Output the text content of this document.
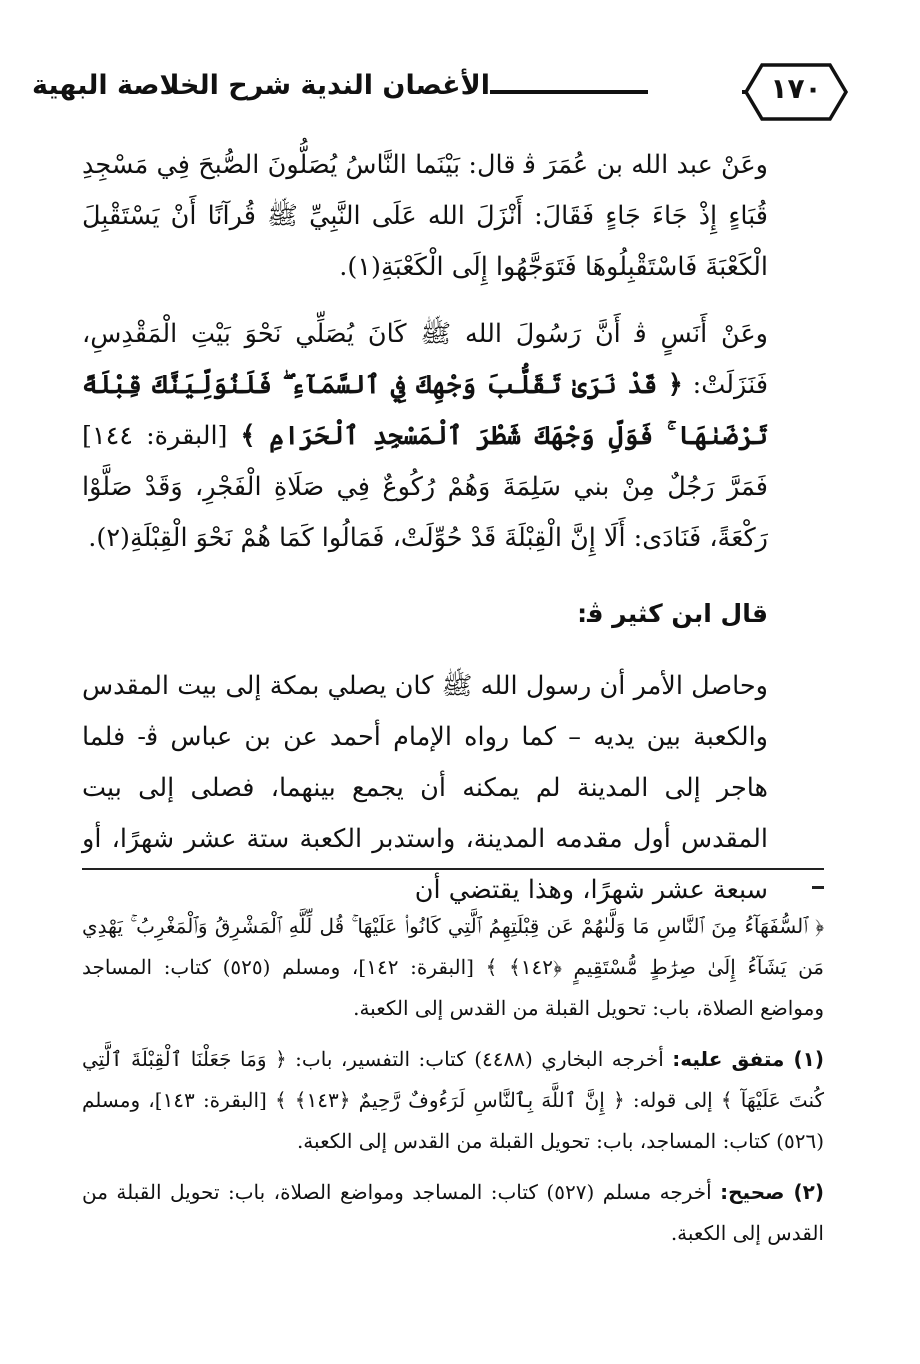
الأغصان الندية شرح الخلاصة البهية	١٧٠

وعَنْ عبد الله بن عُمَرَ ﭬ قال: بَيْنَما النَّاسُ يُصَلُّونَ الصُّبحَ فِي مَسْجِدِ قُبَاءٍ إِذْ جَاءَ جَاءٍ فَقَالَ: أَنْزَلَ الله عَلَى النَّبِيِّ ﷺ قُرآنًا أَنْ يَسْتَقْبِلَ الْكَعْبَةَ فَاسْتَقْبِلُوهَا فَتَوَجَّهُوا إِلَى الْكَعْبَةِ(١).

وعَنْ أَنَسٍ ﭬ أَنَّ رَسُولَ الله ﷺ كَانَ يُصَلِّي نَحْوَ بَيْتِ الْمَقْدِسِ، فَنَزَلَتْ: ﴿ قَدْ نَرَىٰ تَقَلُّبَ وَجْهِكَ فِي ٱلسَّمَآءِ ۖ فَلَنُوَلِّيَنَّكَ قِبْلَةً تَرْضَىٰهَا ۚ فَوَلِّ وَجْهَكَ شَطْرَ ٱلْمَسْجِدِ ٱلْحَرَامِ ﴾ [البقرة: ١٤٤] فَمَرَّ رَجُلٌ مِنْ بني سَلِمَةَ وَهُمْ رُكُوعٌ فِي صَلَاةِ الْفَجْرِ، وَقَدْ صَلَّوْا رَكْعَةً، فَنَادَى: أَلَا إِنَّ الْقِبْلَةَ قَدْ حُوِّلَتْ، فَمَالُوا كَمَا هُمْ نَحْوَ الْقِبْلَةِ(٢).

قال ابن كثير ﭬ:

وحاصل الأمر أن رسول الله ﷺ كان يصلي بمكة إلى بيت المقدس والكعبة بين يديه – كما رواه الإمام أحمد عن بن عباس ﭬ- فلما هاجر إلى المدينة لم يمكنه أن يجمع بينهما، فصلى إلى بيت المقدس أول مقدمه المدينة، واستدبر الكعبة ستة عشر شهرًا، أو سبعة عشر شهرًا، وهذا يقتضي أن

﴿ ٱلسُّفَهَآءُ مِنَ ٱلنَّاسِ مَا وَلَّىٰهُمْ عَن قِبْلَتِهِمُ ٱلَّتِي كَانُوا۟ عَلَيْهَا ۚ قُل لِّلَّهِ ٱلْمَشْرِقُ وَٱلْمَغْرِبُ ۚ يَهْدِي مَن يَشَآءُ إِلَىٰ صِرَٰطٍ مُّسْتَقِيمٍ ﴿١٤٢﴾ ﴾ [البقرة: ١٤٢]، ومسلم (٥٢٥) كتاب: المساجد ومواضع الصلاة، باب: تحويل القبلة من القدس إلى الكعبة.

(١) متفق عليه: أخرجه البخاري (٤٤٨٨) كتاب: التفسير، باب: ﴿ وَمَا جَعَلْنَا ٱلْقِبْلَةَ ٱلَّتِي كُنتَ عَلَيْهَآ ﴾ إلى قوله: ﴿ إِنَّ ٱللَّهَ بِٱلنَّاسِ لَرَءُوفٌ رَّحِيمٌ ﴿١٤٣﴾ ﴾ [البقرة: ١٤٣]، ومسلم (٥٢٦) كتاب: المساجد، باب: تحويل القبلة من القدس إلى الكعبة.

(٢) صحيح: أخرجه مسلم (٥٢٧) كتاب: المساجد ومواضع الصلاة، باب: تحويل القبلة من القدس إلى الكعبة.
